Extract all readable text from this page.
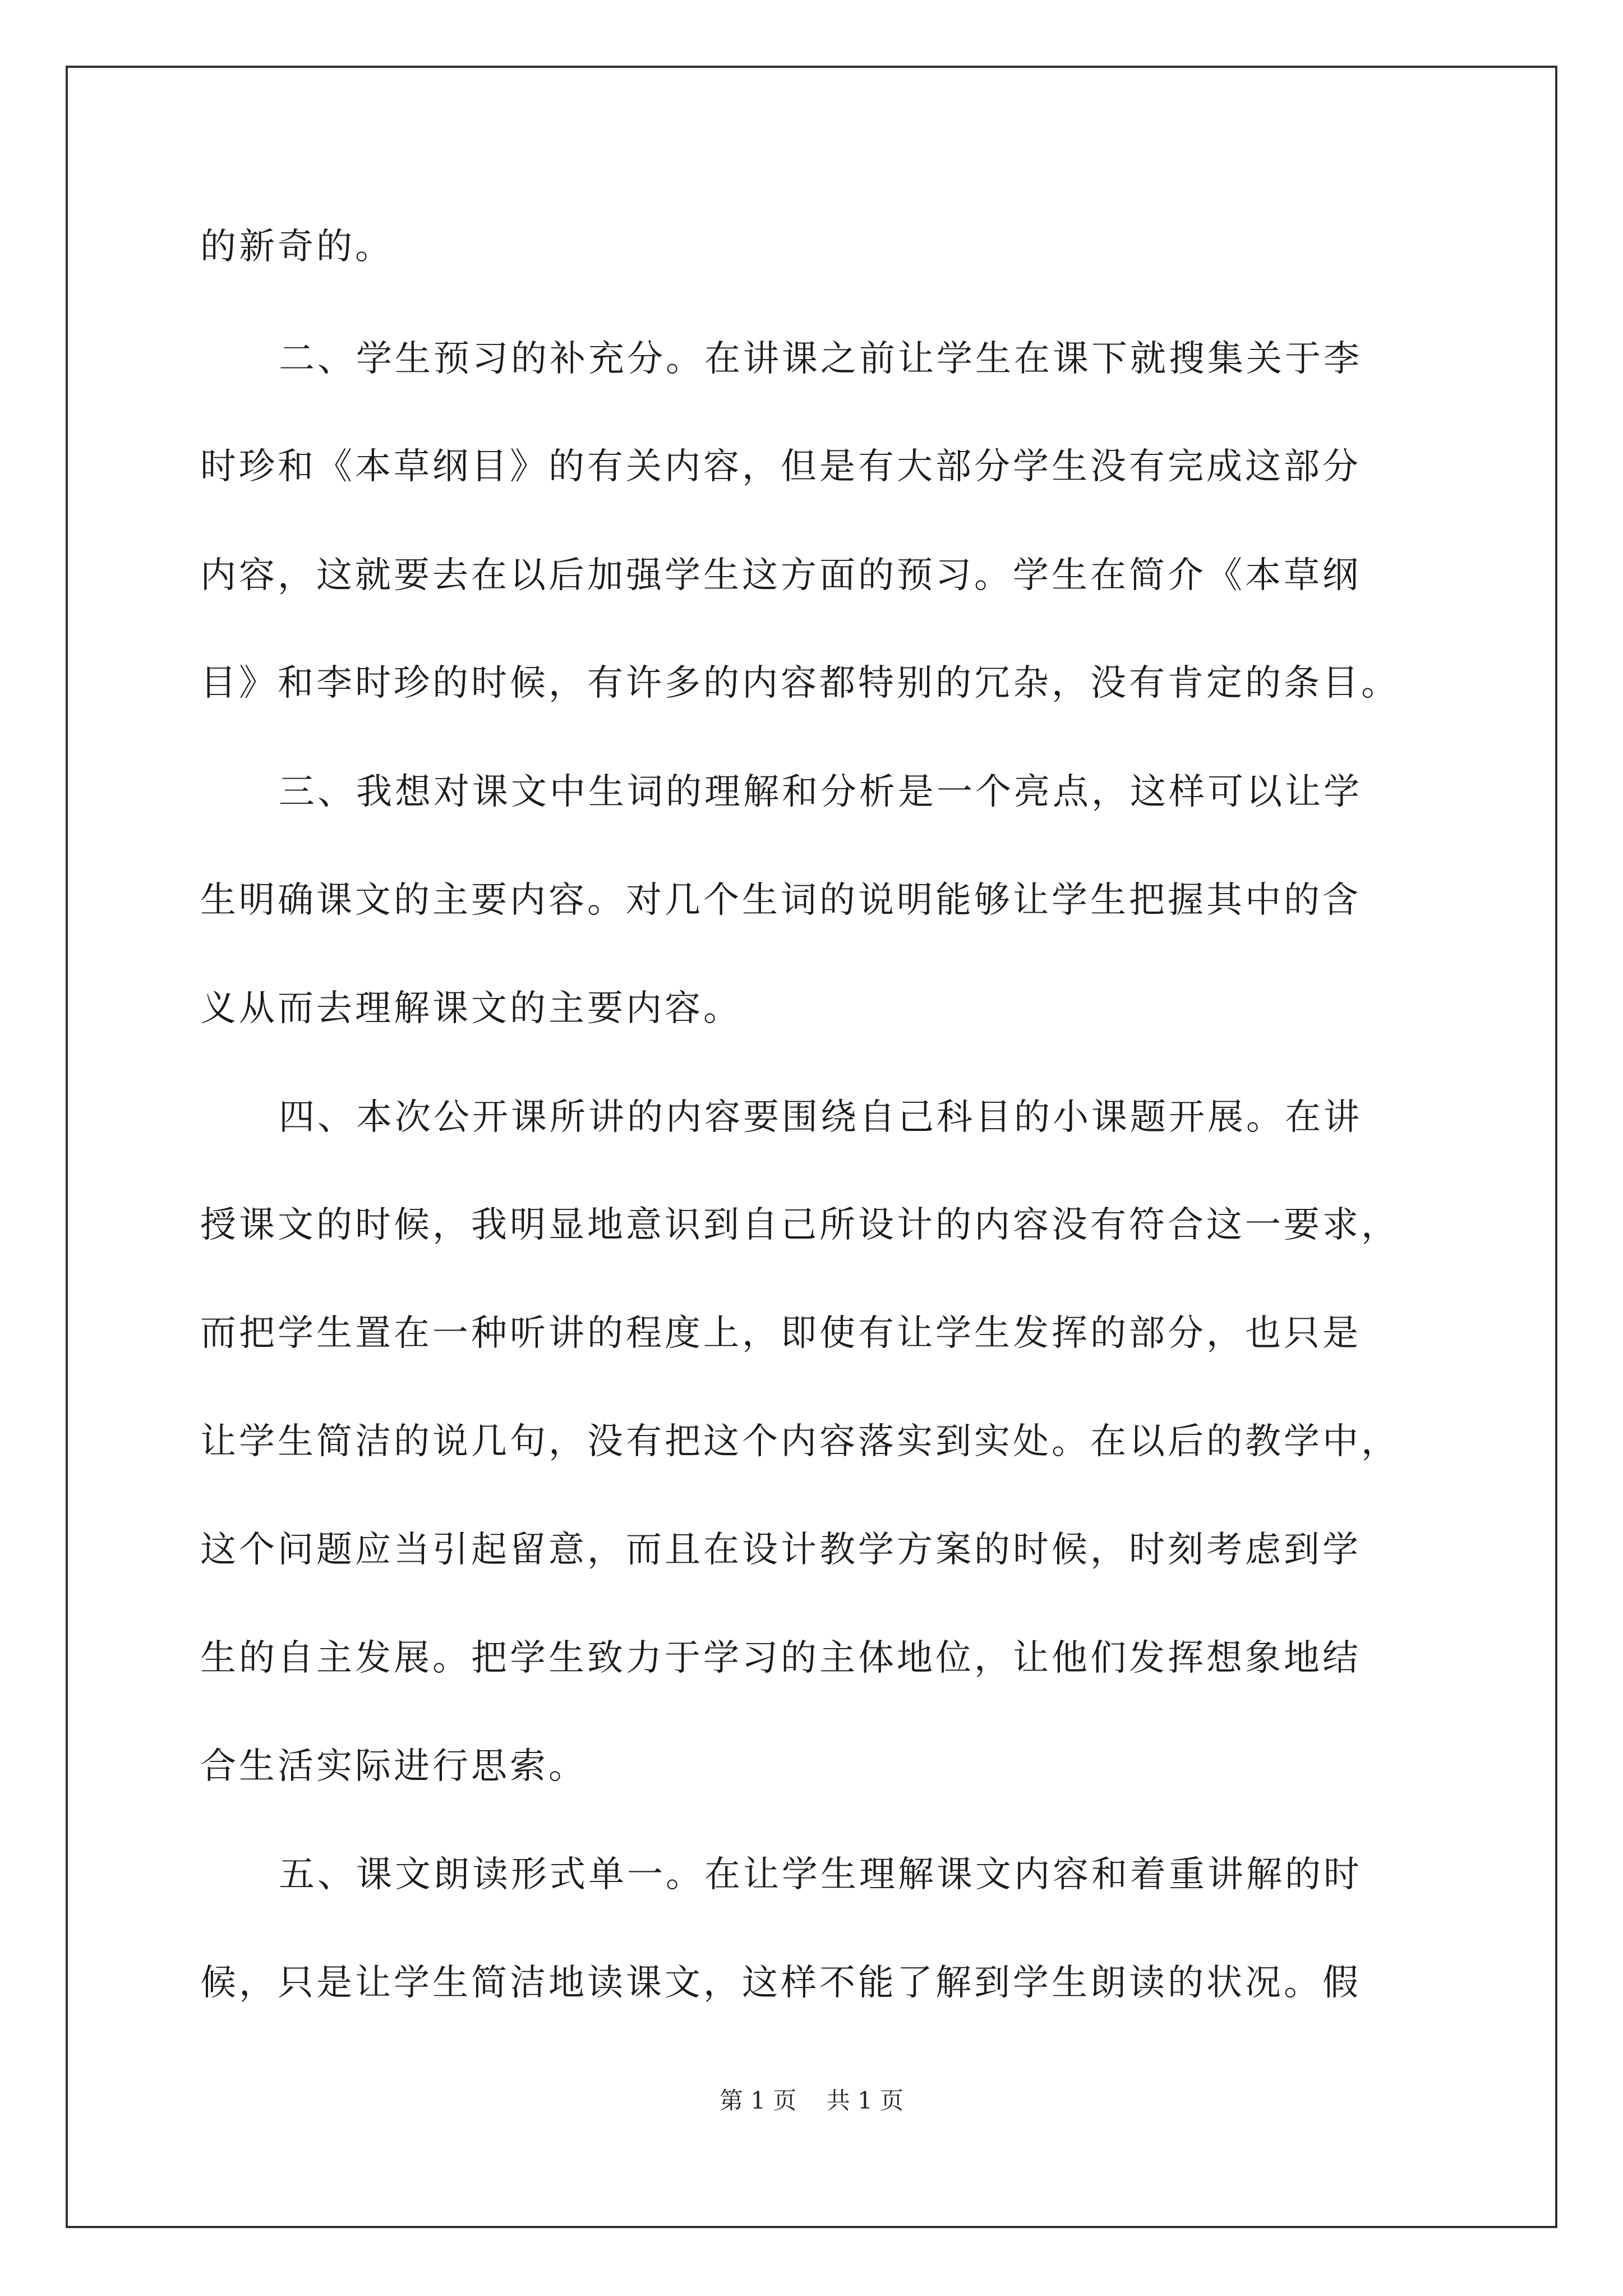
的新奇的。
二、学生预习的补充分。在讲课之前让学生在课下就搜集关于李
时珍和《本草纲目》的有关内容，但是有大部分学生没有完成这部分
内容，这就要去在以后加强学生这方面的预习。学生在简介《本草纲
目》和李时珍的时候，有许多的内容都特别的冗杂，没有肯定的条目。
三、我想对课文中生词的理解和分析是一个亮点，这样可以让学
生明确课文的主要内容。对几个生词的说明能够让学生把握其中的含
义从而去理解课文的主要内容。
四、本次公开课所讲的内容要围绕自己科目的小课题开展。在讲
授课文的时候，我明显地意识到自己所设计的内容没有符合这一要求，
而把学生置在一种听讲的程度上，即使有让学生发挥的部分，也只是
让学生简洁的说几句，没有把这个内容落实到实处。在以后的教学中，
这个问题应当引起留意，而且在设计教学方案的时候，时刻考虑到学
生的自主发展。把学生致力于学习的主体地位，让他们发挥想象地结
合生活实际进行思索。
五、课文朗读形式单一。在让学生理解课文内容和着重讲解的时
候，只是让学生简洁地读课文，这样不能了解到学生朗读的状况。假
第 1 页    共 1 页
